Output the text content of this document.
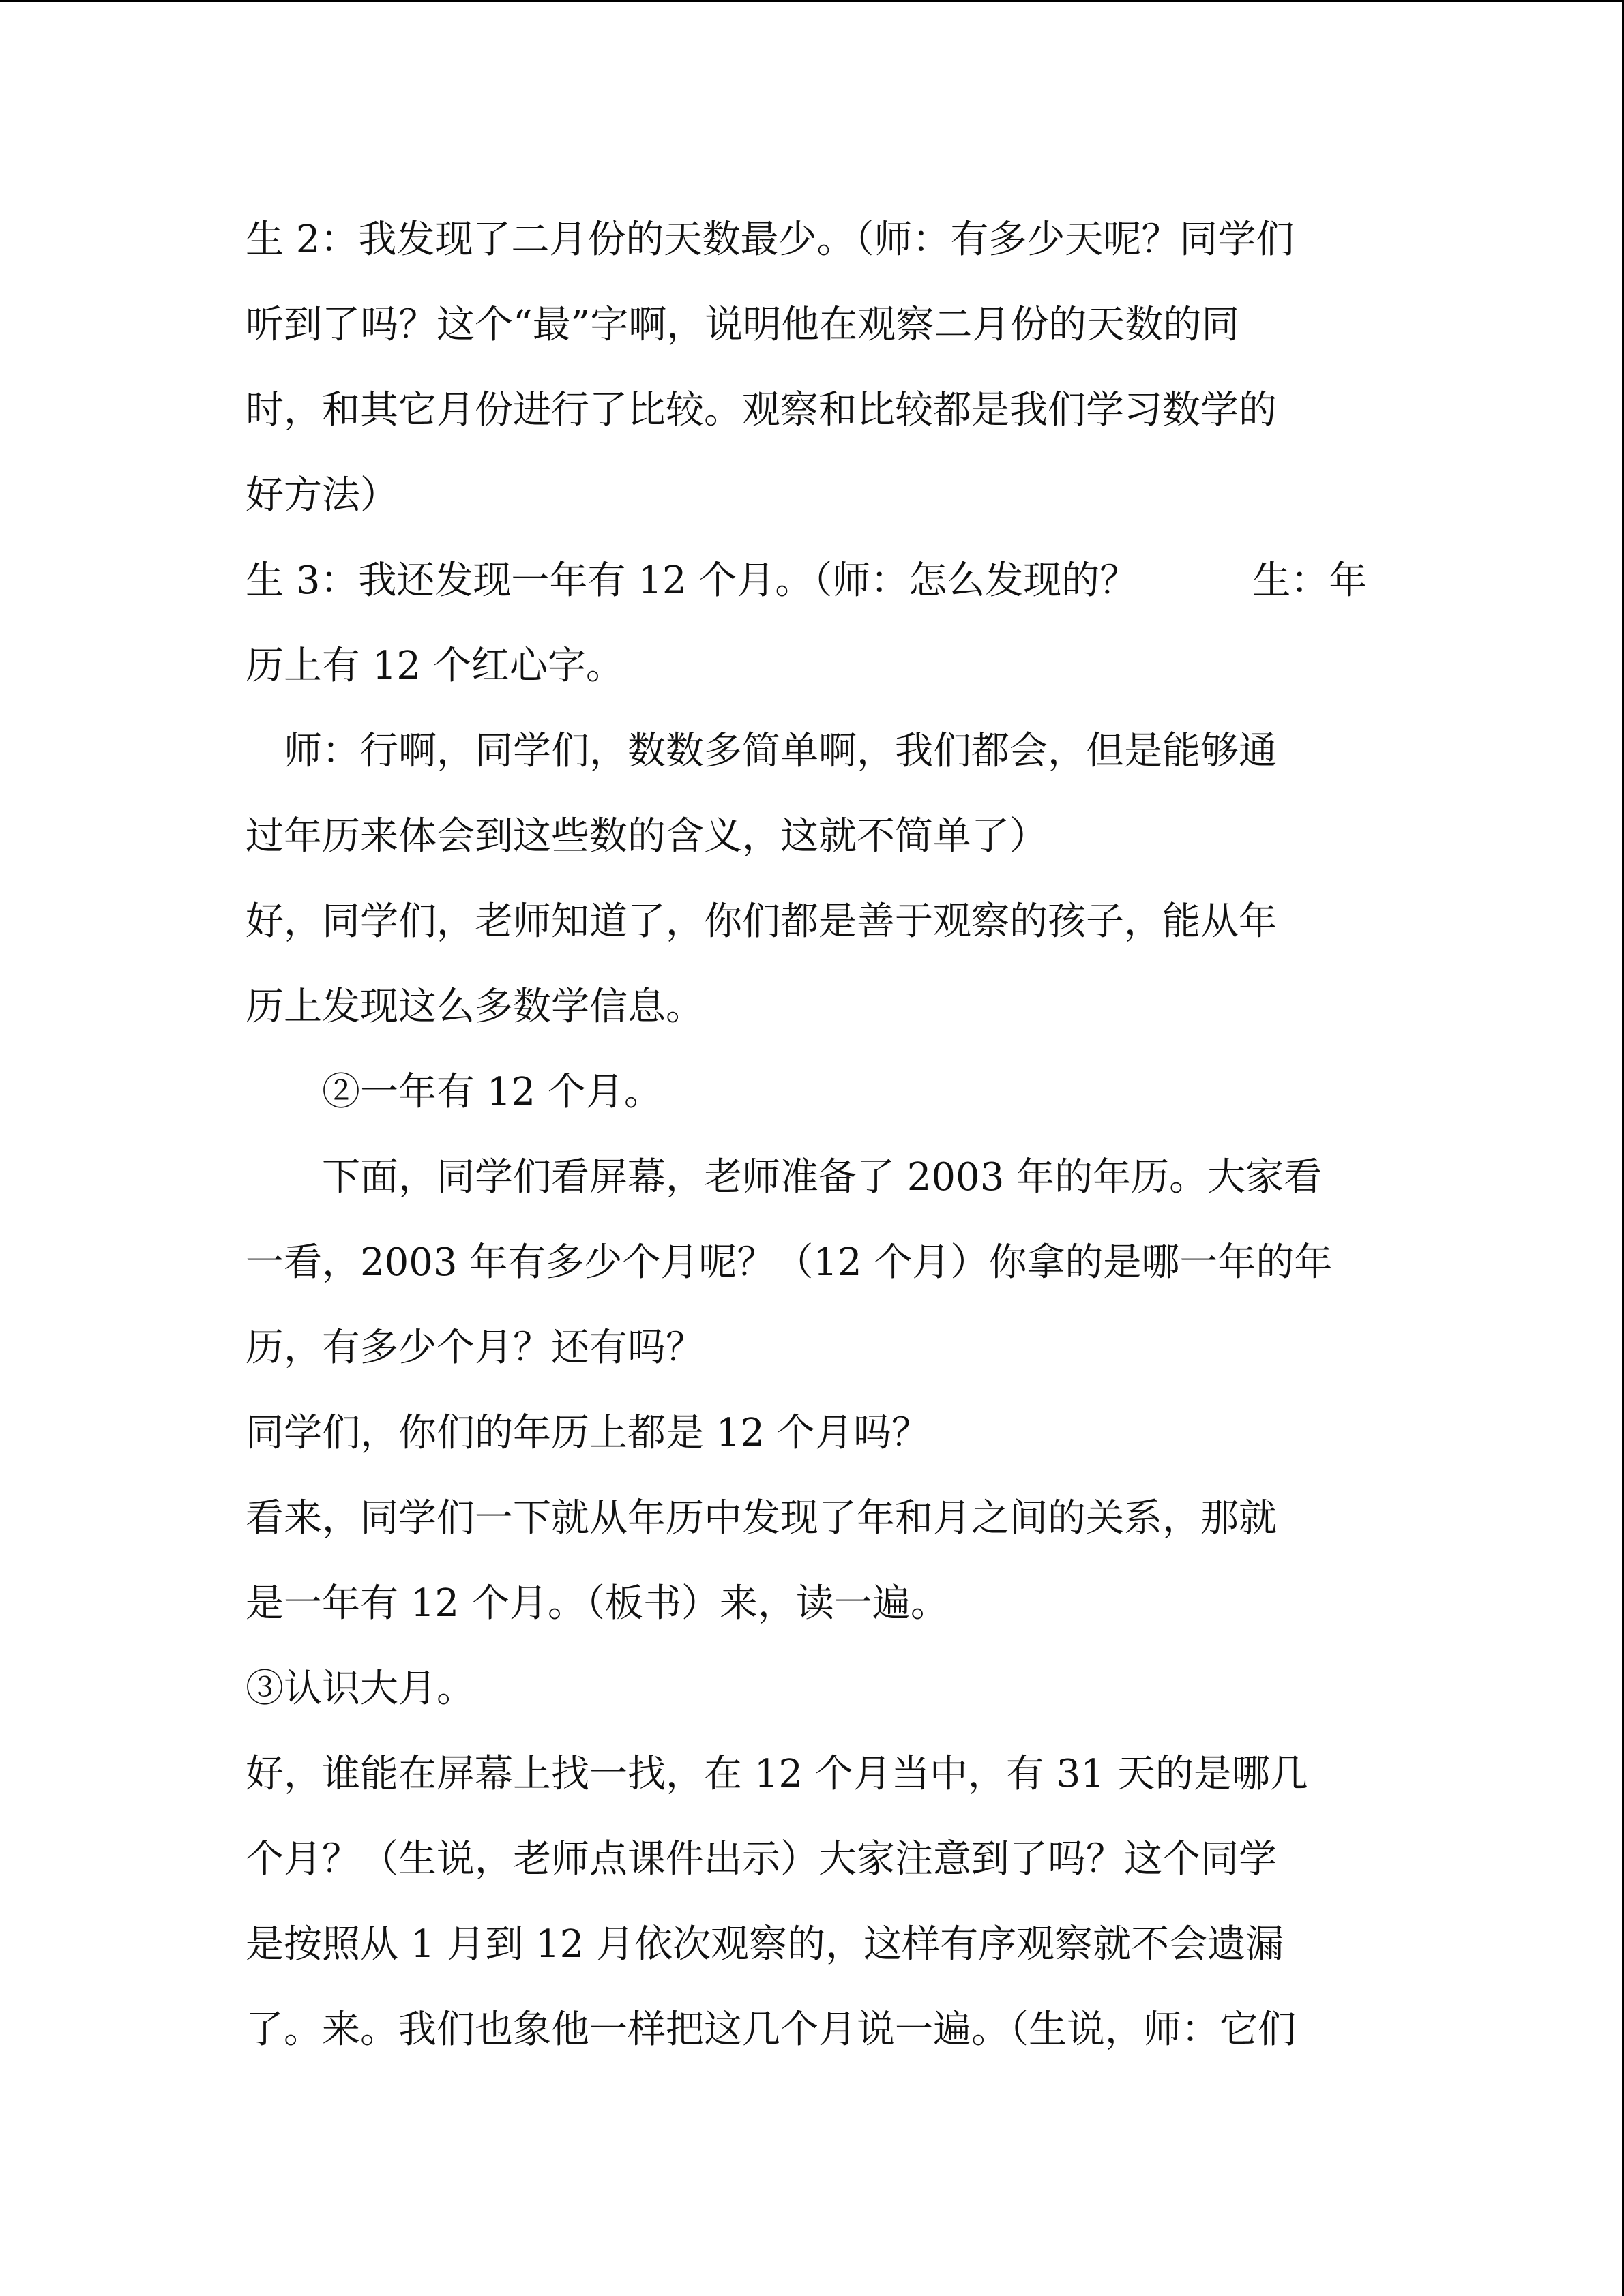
生 2：我发现了二月份的天数最少。（师：有多少天呢？同学们

听到了吗？这个“最”字啊，说明他在观察二月份的天数的同

时，和其它月份进行了比较。观察和比较都是我们学习数学的

好方法）

生 3：我还发现一年有 12 个月。（师：怎么发现的？　　　生：年

历上有 12 个红心字。

　师：行啊，同学们，数数多简单啊，我们都会，但是能够通

过年历来体会到这些数的含义，这就不简单了）

好，同学们，老师知道了，你们都是善于观察的孩子，能从年

历上发现这么多数学信息。

　　②一年有 12 个月。

　　下面，同学们看屏幕，老师准备了 2003 年的年历。大家看

一看，2003 年有多少个月呢？（12 个月）你拿的是哪一年的年

历，有多少个月？还有吗？

同学们，你们的年历上都是 12 个月吗？

看来，同学们一下就从年历中发现了年和月之间的关系，那就

是一年有 12 个月。（板书）来，读一遍。

③认识大月。

好，谁能在屏幕上找一找，在 12 个月当中，有 31 天的是哪几

个月？（生说，老师点课件出示）大家注意到了吗？这个同学

是按照从 1 月到 12 月依次观察的，这样有序观察就不会遗漏

了。来。我们也象他一样把这几个月说一遍。（生说，师：它们
